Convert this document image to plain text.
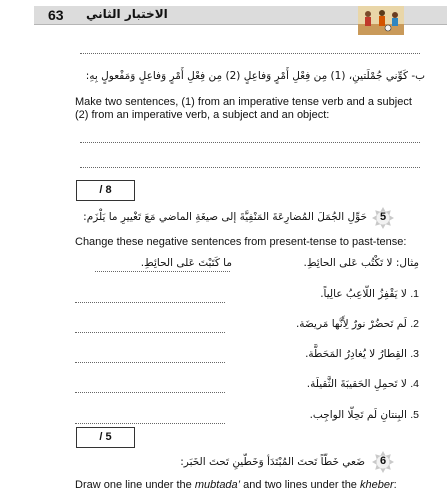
63 الاختبار الثاني
ب- كَوِّني جُمْلَتينِ، (1) مِن فِعْلِ أَمْرٍ وَفاعِلٍ (2) مِن فِعْلِ أَمْرٍ وَفاعِلٍ وَمَفْعولٍ بِهِ:
Make two sentences, (1) from an imperative tense verb and a subject (2) from an imperative verb, a subject and an object:
/ 8
5
حَوِّلِ الجُمَلَ المُضارِعَةَ المَنْفِيَّةَ إلى صيغَةِ الماضي مَعَ تَغْييرِ ما يَلْزَم:
Change these negative sentences from present-tense to past-tense:
مِثال: لا تَكْتُب عَلى الحائِطِ.
ما كَتَبْتَ عَلى الحائِطِ.
1. لا يَقْفِزُ اللّاعِبُ عالِياً.
2. لَم تَحضُرْ نورٌ لِأَنَّها مَريضَة.
3. القِطارُ لا يُغادِرُ المَحَطَّة.
4. لا تَحمِلِ الحَقيبَةَ الثَّقيلَة.
5. البِنتانِ لَم تَحِلّا الواجِب.
/ 5
6
ضَعي خَطّاً تَحتَ المُبْتَدَأ وَخَطّينِ تَحتَ الخَبَر:
Draw one line under the mubtada’ and two lines under the kheber:
